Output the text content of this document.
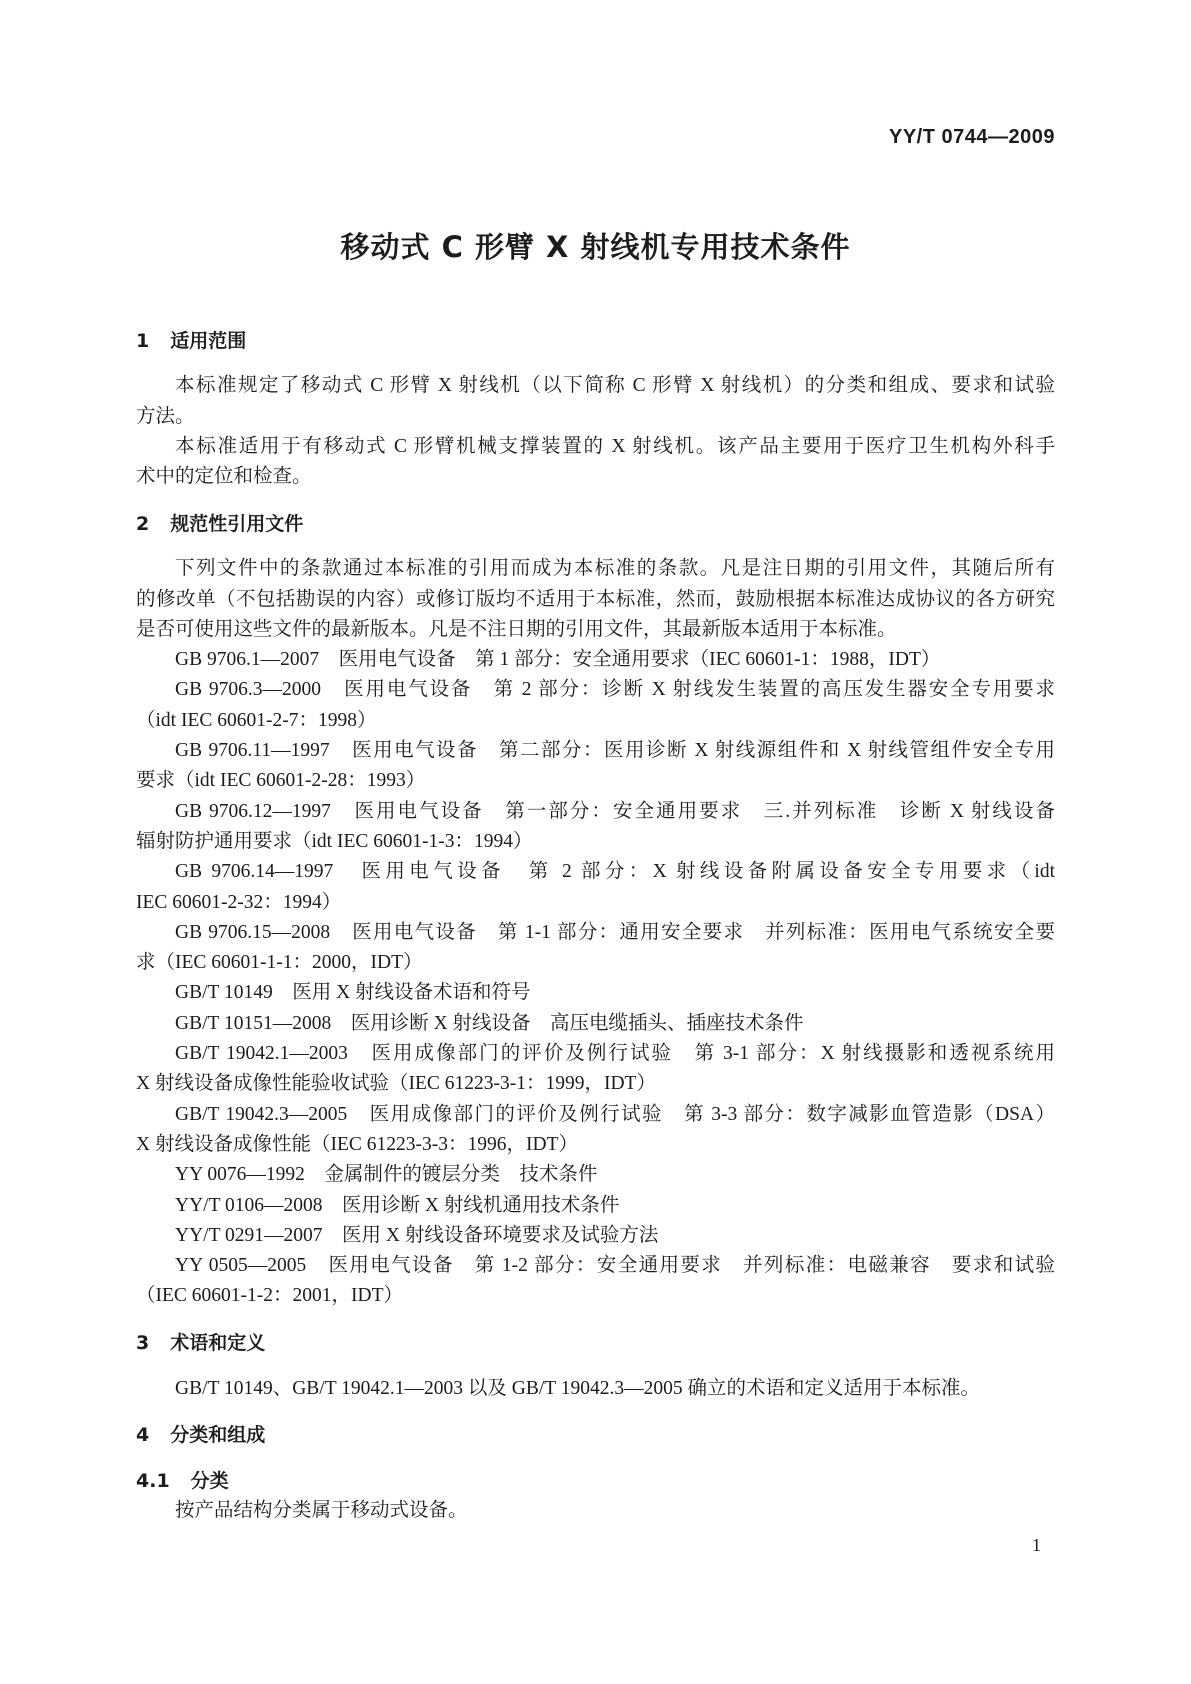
YY/T 0744—2009
移动式 C 形臂 X 射线机专用技术条件
1 适用范围
本标准规定了移动式 C 形臂 X 射线机（以下简称 C 形臂 X 射线机）的分类和组成、要求和试验
方法。
本标准适用于有移动式 C 形臂机械支撑装置的 X 射线机。该产品主要用于医疗卫生机构外科手
术中的定位和检查。
2 规范性引用文件
下列文件中的条款通过本标准的引用而成为本标准的条款。凡是注日期的引用文件，其随后所有
的修改单（不包括勘误的内容）或修订版均不适用于本标准，然而，鼓励根据本标准达成协议的各方研究
是否可使用这些文件的最新版本。凡是不注日期的引用文件，其最新版本适用于本标准。
GB 9706.1—2007　医用电气设备　第 1 部分：安全通用要求（IEC 60601-1：1988，IDT）
GB 9706.3—2000　医用电气设备　第 2 部分：诊断 X 射线发生装置的高压发生器安全专用要求
（idt IEC 60601-2-7：1998）
GB 9706.11—1997　医用电气设备　第二部分：医用诊断 X 射线源组件和 X 射线管组件安全专用
要求（idt IEC 60601-2-28：1993）
GB 9706.12—1997　医用电气设备　第一部分：安全通用要求　三.并列标准　诊断 X 射线设备
辐射防护通用要求（idt IEC 60601-1-3：1994）
GB 9706.14—1997　医用电气设备　第 2 部分：X 射线设备附属设备安全专用要求（idt
IEC 60601-2-32：1994）
GB 9706.15—2008　医用电气设备　第 1-1 部分：通用安全要求　并列标准：医用电气系统安全要
求（IEC 60601-1-1：2000，IDT）
GB/T 10149　医用 X 射线设备术语和符号
GB/T 10151—2008　医用诊断 X 射线设备　高压电缆插头、插座技术条件
GB/T 19042.1—2003　医用成像部门的评价及例行试验　第 3-1 部分：X 射线摄影和透视系统用
X 射线设备成像性能验收试验（IEC 61223-3-1：1999，IDT）
GB/T 19042.3—2005　医用成像部门的评价及例行试验　第 3-3 部分：数字减影血管造影（DSA）
X 射线设备成像性能（IEC 61223-3-3：1996，IDT）
YY 0076—1992　金属制件的镀层分类　技术条件
YY/T 0106—2008　医用诊断 X 射线机通用技术条件
YY/T 0291—2007　医用 X 射线设备环境要求及试验方法
YY 0505—2005　医用电气设备　第 1-2 部分：安全通用要求　并列标准：电磁兼容　要求和试验
（IEC 60601-1-2：2001，IDT）
3 术语和定义
GB/T 10149、GB/T 19042.1—2003 以及 GB/T 19042.3—2005 确立的术语和定义适用于本标准。
4 分类和组成
4.1 分类
按产品结构分类属于移动式设备。
1
